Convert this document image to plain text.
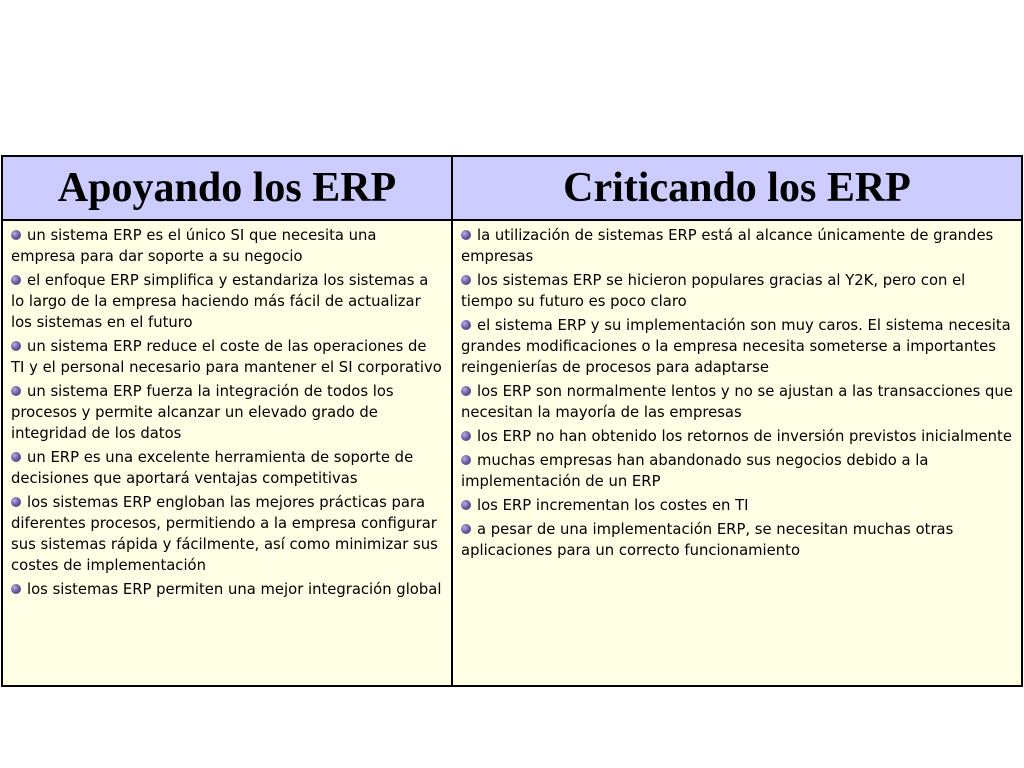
Apoyando los ERP	Criticando los ERP
un sistema ERP es el único SI que necesita una empresa para dar soporte a su negocio
el enfoque ERP simplifica y estandariza los sistemas a lo largo de la empresa haciendo más fácil de actualizar los sistemas en el futuro
un sistema ERP reduce el coste de las operaciones de TI y el personal necesario para mantener el SI corporativo
un sistema ERP fuerza la integración de todos los procesos y permite alcanzar un elevado grado de integridad de los datos
un ERP es una excelente herramienta de soporte de decisiones que aportará ventajas competitivas
los sistemas ERP engloban las mejores prácticas para diferentes procesos, permitiendo a la empresa configurar sus sistemas rápida y fácilmente, así como minimizar sus costes de implementación
los sistemas ERP permiten una mejor integración global
la utilización de sistemas ERP está al alcance únicamente de grandes empresas
los sistemas ERP se hicieron populares gracias al Y2K, pero con el tiempo su futuro es poco claro
el sistema ERP y su implementación son muy caros. El sistema necesita grandes modificaciones o la empresa necesita someterse a importantes reingenierías de procesos para adaptarse
los ERP son normalmente lentos y no se ajustan a las transacciones que necesitan la mayoría de las empresas
los ERP no han obtenido los retornos de inversión previstos inicialmente
muchas empresas han abandonado sus negocios debido a la implementación de un ERP
los ERP incrementan los costes en TI
a pesar de una implementación ERP, se necesitan muchas otras aplicaciones para un correcto funcionamiento
